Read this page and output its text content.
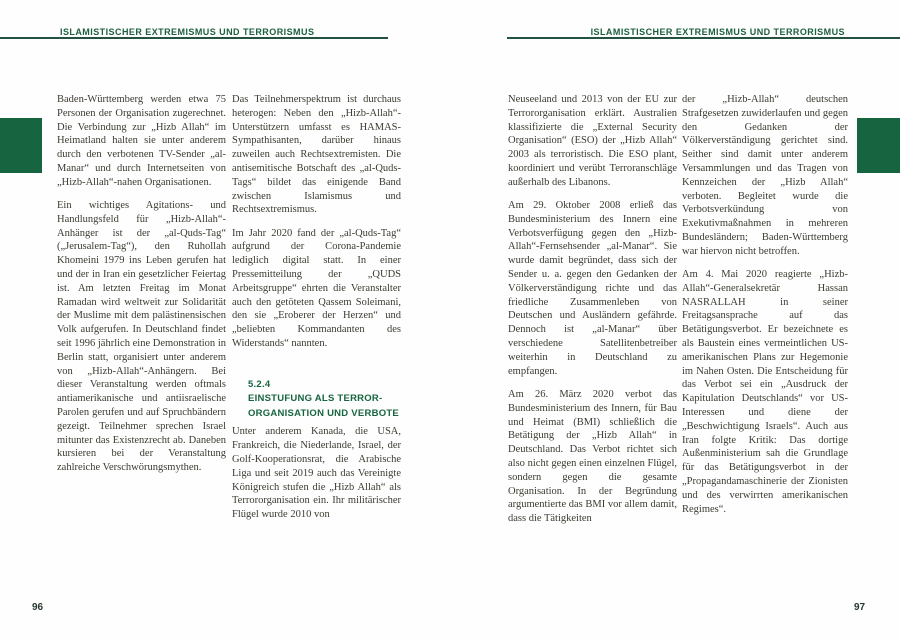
ISLAMISTISCHER EXTREMISMUS UND TERRORISMUS	ISLAMISTISCHER EXTREMISMUS UND TERRORISMUS

Baden-Württemberg werden etwa 75 Personen der Organisation zugerechnet. Die Verbindung zur „Hizb Allah“ im Heimatland halten sie unter anderem durch den verbotenen TV-Sender „al-Manar“ und durch Internetseiten von „Hizb-Allah“-nahen Organisationen.

Ein wichtiges Agitations- und Handlungsfeld für „Hizb-Allah“-Anhänger ist der „al-Quds-Tag“ („Jerusalem-Tag“), den Ruhollah Khomeini 1979 ins Leben gerufen hat und der in Iran ein gesetzlicher Feiertag ist. Am letzten Freitag im Monat Ramadan wird weltweit zur Solidarität der Muslime mit dem palästinensischen Volk aufgerufen. In Deutschland findet seit 1996 jährlich eine Demonstration in Berlin statt, organisiert unter anderem von „Hizb-Allah“-Anhängern. Bei dieser Veranstaltung werden oftmals antiamerikanische und antiisraelische Parolen gerufen und auf Spruchbändern gezeigt. Teilnehmer sprechen Israel mitunter das Existenzrecht ab. Daneben kursieren bei der Veranstaltung zahlreiche Verschwörungsmythen.

Das Teilnehmerspektrum ist durchaus heterogen: Neben den „Hizb-Allah“-Unterstützern umfasst es HAMAS-Sympathisanten, darüber hinaus zuweilen auch Rechtsextremisten. Die antisemitische Botschaft des „al-Quds-Tags“ bildet das einigende Band zwischen Islamismus und Rechtsextremismus.

Im Jahr 2020 fand der „al-Quds-Tag“ aufgrund der Corona-Pandemie lediglich digital statt. In einer Pressemitteilung der „QUDS Arbeitsgruppe“ ehrten die Veranstalter auch den getöteten Qassem Soleimani, den sie „Eroberer der Herzen“ und „beliebten Kommandanten des Widerstands“ nannten.

5.2.4
EINSTUFUNG ALS TERROR-
ORGANISATION UND VERBOTE

Unter anderem Kanada, die USA, Frankreich, die Niederlande, Israel, der Golf-Kooperationsrat, die Arabische Liga und seit 2019 auch das Vereinigte Königreich stufen die „Hizb Allah“ als Terrororganisation ein. Ihr militärischer Flügel wurde 2010 von

Neuseeland und 2013 von der EU zur Terrororganisation erklärt. Australien klassifizierte die „External Security Organisation“ (ESO) der „Hizb Allah“ 2003 als terroristisch. Die ESO plant, koordiniert und verübt Terroranschläge außerhalb des Libanons.

Am 29. Oktober 2008 erließ das Bundesministerium des Innern eine Verbotsverfügung gegen den „Hizb-Allah“-Fernsehsender „al-Manar“. Sie wurde damit begründet, dass sich der Sender u. a. gegen den Gedanken der Völkerverständigung richte und das friedliche Zusammenleben von Deutschen und Ausländern gefährde. Dennoch ist „al-Manar“ über verschiedene Satellitenbetreiber weiterhin in Deutschland zu empfangen.

Am 26. März 2020 verbot das Bundesministerium des Innern, für Bau und Heimat (BMI) schließlich die Betätigung der „Hizb Allah“ in Deutschland. Das Verbot richtet sich also nicht gegen einen einzelnen Flügel, sondern gegen die gesamte Organisation. In der Begründung argumentierte das BMI vor allem damit, dass die Tätigkeiten

der „Hizb-Allah“ deutschen Strafgesetzen zuwiderlaufen und gegen den Gedanken der Völkerverständigung gerichtet sind. Seither sind damit unter anderem Versammlungen und das Tragen von Kennzeichen der „Hizb Allah“ verboten. Begleitet wurde die Verbotsverkündung von Exekutivmaßnahmen in mehreren Bundesländern; Baden-Württemberg war hiervon nicht betroffen.

Am 4. Mai 2020 reagierte „Hizb-Allah“-Generalsekretär Hassan NASRALLAH in seiner Freitagsansprache auf das Betätigungsverbot. Er bezeichnete es als Baustein eines vermeintlichen US-amerikanischen Plans zur Hegemonie im Nahen Osten. Die Entscheidung für das Verbot sei ein „Ausdruck der Kapitulation Deutschlands“ vor US-Interessen und diene der „Beschwichtigung Israels“. Auch aus Iran folgte Kritik: Das dortige Außenministerium sah die Grundlage für das Betätigungsverbot in der „Propagandamaschinerie der Zionisten und des verwirrten amerikanischen Regimes“.

96	97
